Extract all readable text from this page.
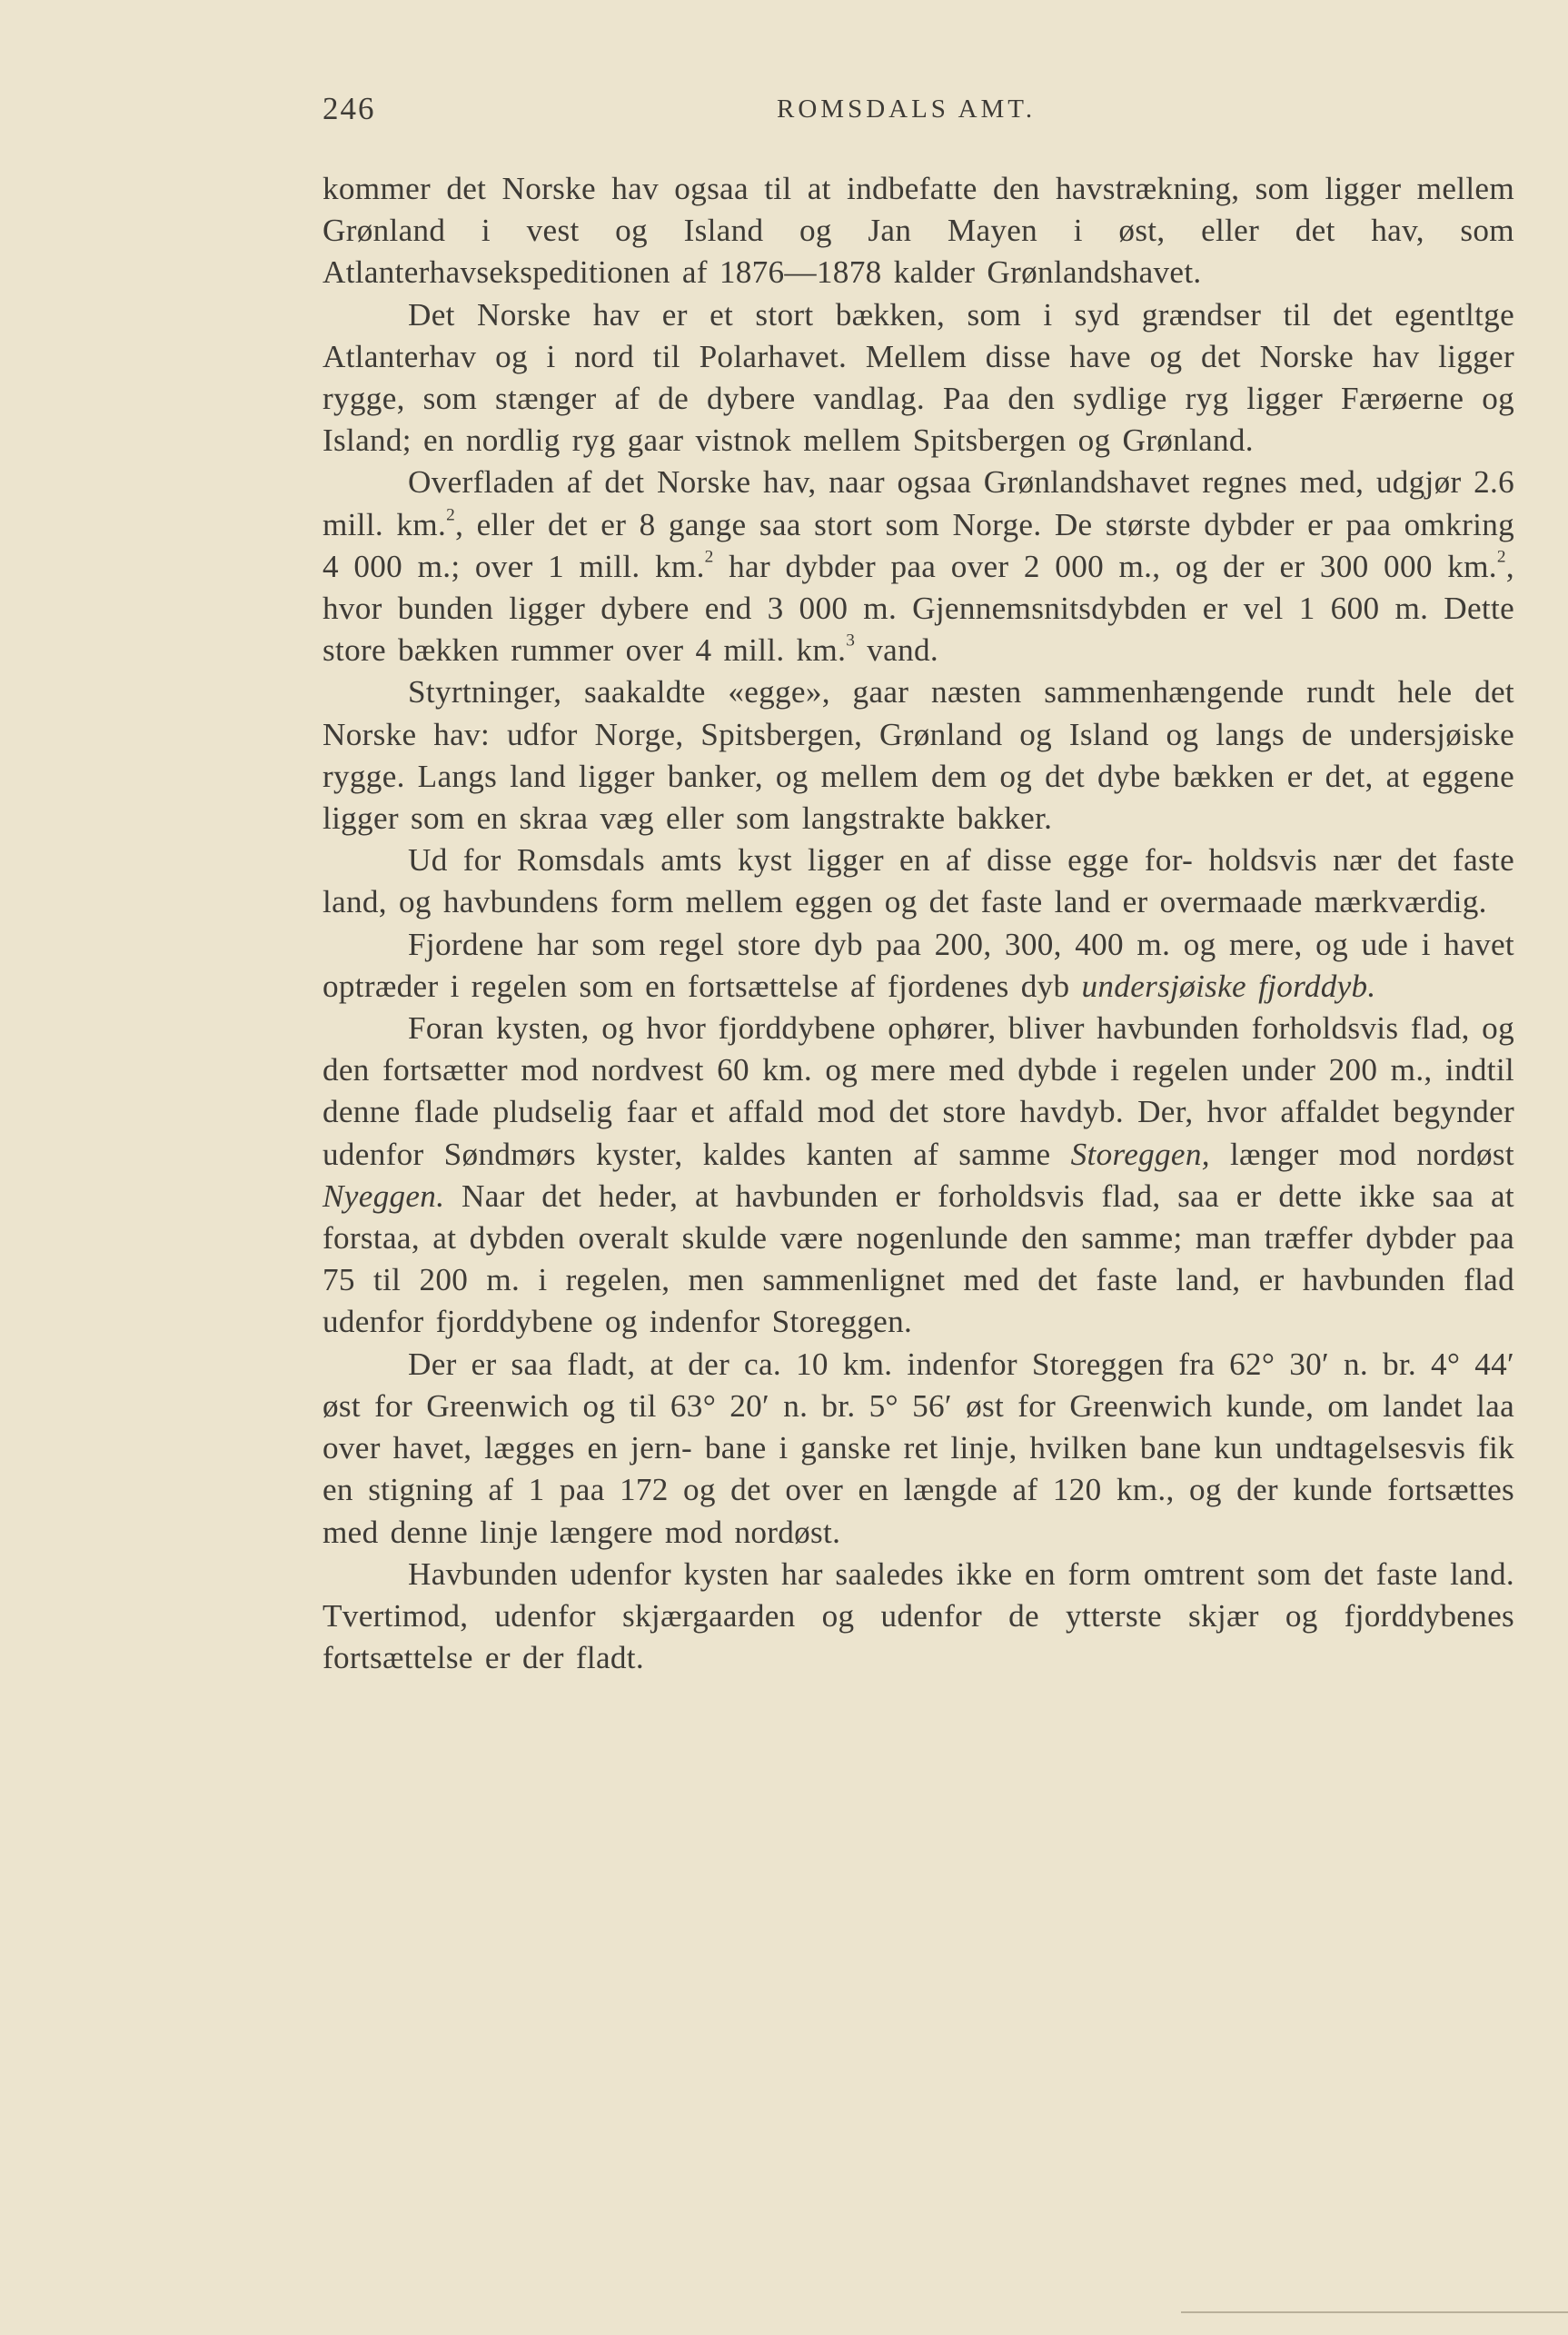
246	ROMSDALS AMT.

kommer det Norske hav ogsaa til at indbefatte den havstrækning, som ligger mellem Grønland i vest og Island og Jan Mayen i øst, eller det hav, som Atlanterhavsekspeditionen af 1876—1878 kalder Grønlandshavet.

Det Norske hav er et stort bækken, som i syd grændser til det egentltge Atlanterhav og i nord til Polarhavet. Mellem disse have og det Norske hav ligger rygge, som stænger af de dybere vandlag. Paa den sydlige ryg ligger Færøerne og Island; en nordlig ryg gaar vistnok mellem Spitsbergen og Grønland.

Overfladen af det Norske hav, naar ogsaa Grønlandshavet regnes med, udgjør 2.6 mill. km.$^2$, eller det er 8 gange saa stort som Norge. De største dybder er paa omkring 4 000 m.; over 1 mill. km.$^2$ har dybder paa over 2 000 m., og der er 300 000 km.$^2$, hvor bunden ligger dybere end 3 000 m. Gjennemsnitsdybden er vel 1 600 m. Dette store bækken rummer over 4 mill. km.$^3$ vand.

Styrtninger, saakaldte «egge», gaar næsten sammenhængende rundt hele det Norske hav: udfor Norge, Spitsbergen, Grønland og Island og langs de undersjøiske rygge. Langs land ligger banker, og mellem dem og det dybe bækken er det, at eggene ligger som en skraa væg eller som langstrakte bakker.

Ud for Romsdals amts kyst ligger en af disse egge for- holdsvis nær det faste land, og havbundens form mellem eggen og det faste land er overmaade mærkværdig.

Fjordene har som regel store dyb paa 200, 300, 400 m. og mere, og ude i havet optræder i regelen som en fortsættelse af fjordenes dyb undersjøiske fjorddyb.

Foran kysten, og hvor fjorddybene ophører, bliver havbunden forholdsvis flad, og den fortsætter mod nordvest 60 km. og mere med dybde i regelen under 200 m., indtil denne flade pludselig faar et affald mod det store havdyb. Der, hvor affaldet begynder udenfor Søndmørs kyster, kaldes kanten af samme Storeggen, længer mod nordøst Nyeggen. Naar det heder, at havbunden er forholdsvis flad, saa er dette ikke saa at forstaa, at dybden overalt skulde være nogenlunde den samme; man træffer dybder paa 75 til 200 m. i regelen, men sammenlignet med det faste land, er havbunden flad udenfor fjorddybene og indenfor Storeggen.

Der er saa fladt, at der ca. 10 km. indenfor Storeggen fra 62° 30′ n. br. 4° 44′ øst for Greenwich og til 63° 20′ n. br. 5° 56′ øst for Greenwich kunde, om landet laa over havet, lægges en jern- bane i ganske ret linje, hvilken bane kun undtagelsesvis fik en stigning af 1 paa 172 og det over en længde af 120 km., og der kunde fortsættes med denne linje længere mod nordøst.

Havbunden udenfor kysten har saaledes ikke en form omtrent som det faste land. Tvertimod, udenfor skjærgaarden og udenfor de ytterste skjær og fjorddybenes fortsættelse er der fladt.
